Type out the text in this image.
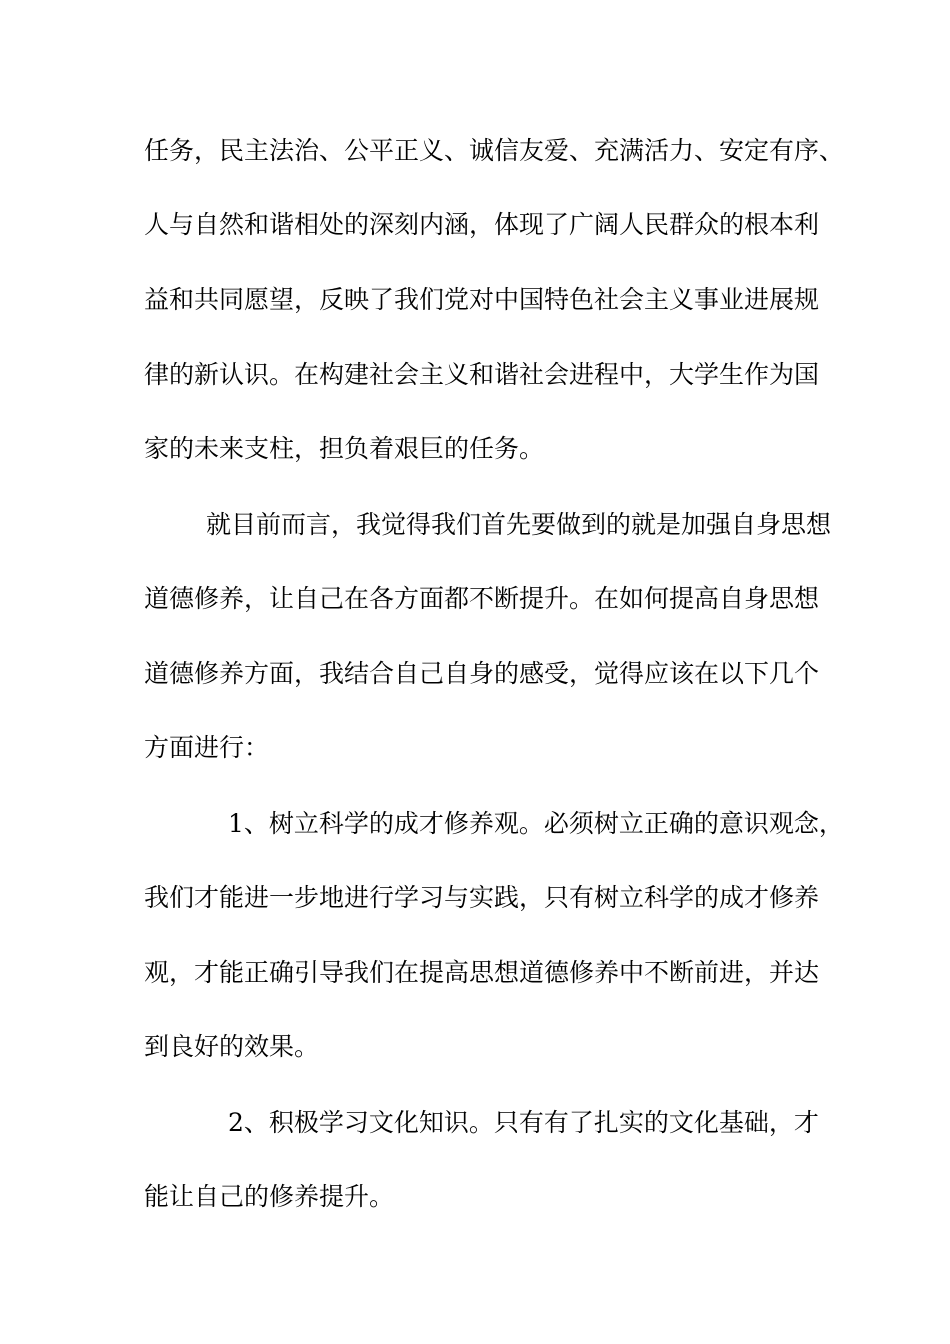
任务，民主法治、公平正义、诚信友爱、充满活力、安定有序、

人与自然和谐相处的深刻内涵，体现了广阔人民群众的根本利

益和共同愿望，反映了我们党对中国特色社会主义事业进展规

律的新认识。在构建社会主义和谐社会进程中，大学生作为国

家的未来支柱，担负着艰巨的任务。

就目前而言，我觉得我们首先要做到的就是加强自身思想

道德修养，让自己在各方面都不断提升。在如何提高自身思想

道德修养方面，我结合自己自身的感受，觉得应该在以下几个

方面进行：

1、树立科学的成才修养观。必须树立正确的意识观念，

我们才能进一步地进行学习与实践，只有树立科学的成才修养

观，才能正确引导我们在提高思想道德修养中不断前进，并达

到良好的效果。

2、积极学习文化知识。只有有了扎实的文化基础，才

能让自己的修养提升。
